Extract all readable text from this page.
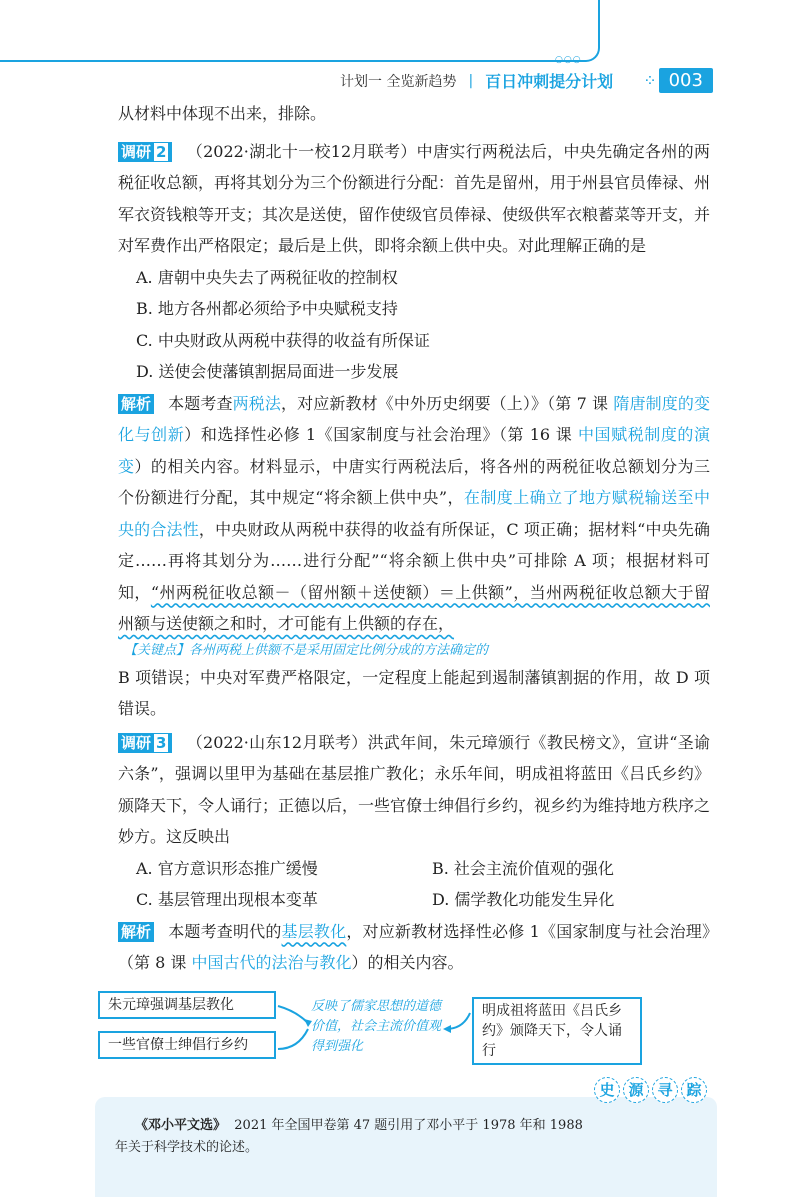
○○○
计划一 全览新趋势 | 百日冲刺提分计划 ⁘ 003

从材料中体现不出来，排除。

调研 2 （2022·湖北十一校12月联考）中唐实行两税法后，中央先确定各州的两税征收总额，再将其划分为三个份额进行分配：首先是留州，用于州县官员俸禄、州军衣资钱粮等开支；其次是送使，留作使级官员俸禄、使级供军衣粮蓄菜等开支，并对军费作出严格限定；最后是上供，即将余额上供中央。对此理解正确的是

A. 唐朝中央失去了两税征收的控制权

B. 地方各州都必须给予中央赋税支持

C. 中央财政从两税中获得的收益有所保证

D. 送使会使藩镇割据局面进一步发展

解析 本题考查两税法，对应新教材《中外历史纲要（上）》（第 7 课 隋唐制度的变化与创新）和选择性必修 1《国家制度与社会治理》（第 16 课 中国赋税制度的演变）的相关内容。材料显示，中唐实行两税法后，将各州的两税征收总额划分为三个份额进行分配，其中规定“将余额上供中央”，在制度上确立了地方赋税输送至中央的合法性，中央财政从两税中获得的收益有所保证，C 项正确；据材料“中央先确定……再将其划分为……进行分配”“将余额上供中央”可排除 A 项；根据材料可知，“州两税征收总额－（留州额＋送使额）＝上供额”，当州两税征收总额大于留州额与送使额之和时，才可能有上供额的存在，

【关键点】各州两税上供额不是采用固定比例分成的方法确定的

B 项错误；中央对军费严格限定，一定程度上能起到遏制藩镇割据的作用，故 D 项错误。

调研 3 （2022·山东12月联考）洪武年间，朱元璋颁行《教民榜文》，宣讲“圣谕六条”，强调以里甲为基础在基层推广教化；永乐年间，明成祖将蓝田《吕氏乡约》颁降天下，令人诵行；正德以后，一些官僚士绅倡行乡约，视乡约为维持地方秩序之妙方。这反映出

A. 官方意识形态推广缓慢	B. 社会主流价值观的强化
C. 基层管理出现根本变革	D. 儒学教化功能发生异化

解析 本题考查明代的基层教化，对应新教材选择性必修 1《国家制度与社会治理》（第 8 课 中国古代的法治与教化）的相关内容。

朱元璋强调基层教化
一些官僚士绅倡行乡约
反映了儒家思想的道德价值，社会主流价值观得到强化
明成祖将蓝田《吕氏乡约》颁降天下，令人诵行
史 源 寻 踪

《邓小平文选》 2021 年全国甲卷第 47 题引用了邓小平于 1978 年和 1988 年关于科学技术的论述。
